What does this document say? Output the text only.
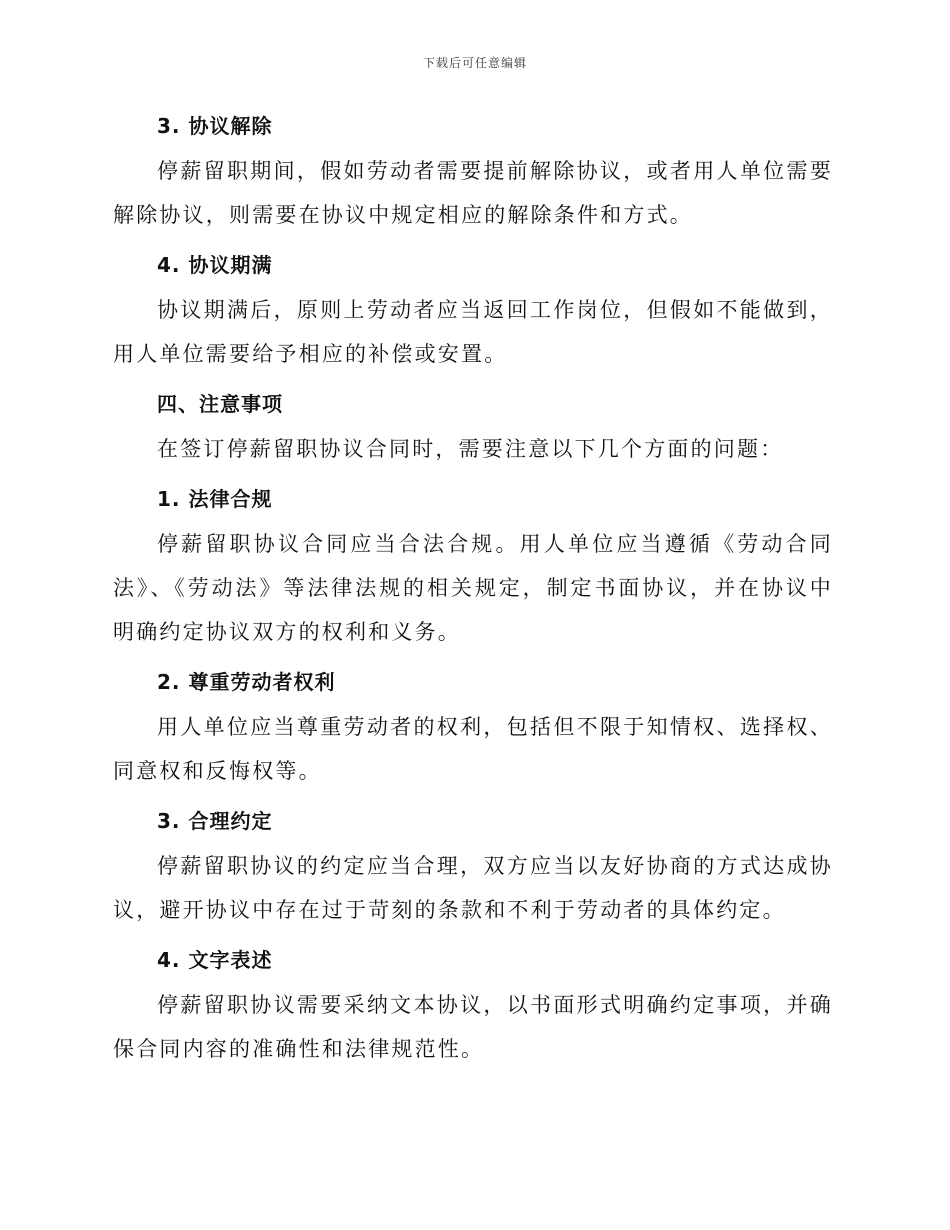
下载后可任意编辑
3. 协议解除

停薪留职期间，假如劳动者需要提前解除协议，或者用人单位需要解除协议，则需要在协议中规定相应的解除条件和方式。

4. 协议期满

协议期满后，原则上劳动者应当返回工作岗位，但假如不能做到，用人单位需要给予相应的补偿或安置。

四、注意事项

在签订停薪留职协议合同时，需要注意以下几个方面的问题：

1. 法律合规

停薪留职协议合同应当合法合规。用人单位应当遵循《劳动合同法》、《劳动法》等法律法规的相关规定，制定书面协议，并在协议中明确约定协议双方的权利和义务。

2. 尊重劳动者权利

用人单位应当尊重劳动者的权利，包括但不限于知情权、选择权、同意权和反悔权等。

3. 合理约定

停薪留职协议的约定应当合理，双方应当以友好协商的方式达成协议，避开协议中存在过于苛刻的条款和不利于劳动者的具体约定。

4. 文字表述

停薪留职协议需要采纳文本协议，以书面形式明确约定事项，并确保合同内容的准确性和法律规范性。
